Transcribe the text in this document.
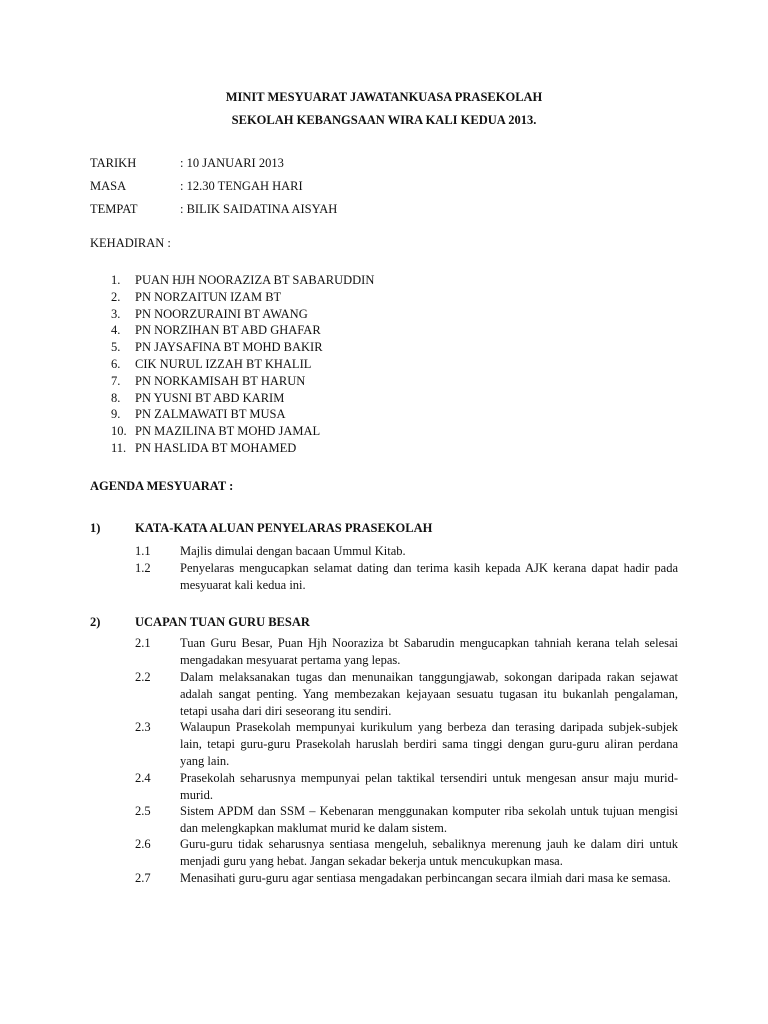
MINIT MESYUARAT JAWATANKUASA PRASEKOLAH
SEKOLAH KEBANGSAAN WIRA KALI KEDUA 2013.
TARIKH	: 10 JANUARI 2013
MASA	: 12.30 TENGAH HARI
TEMPAT	: BILIK SAIDATINA AISYAH
KEHADIRAN :
1.	PUAN HJH NOORAZIZA BT SABARUDDIN
2.	PN NORZAITUN IZAM BT
3.	PN NOORZURAINI BT AWANG
4.	PN NORZIHAN BT ABD GHAFAR
5.	PN JAYSAFINA BT MOHD BAKIR
6.	CIK NURUL IZZAH BT KHALIL
7.	PN NORKAMISAH BT HARUN
8.	PN YUSNI BT ABD KARIM
9.	PN ZALMAWATI BT MUSA
10. PN MAZILINA BT MOHD JAMAL
11. PN HASLIDA BT MOHAMED
AGENDA MESYUARAT :
1)	KATA-KATA ALUAN PENYELARAS PRASEKOLAH
1.1	Majlis dimulai dengan bacaan Ummul Kitab.
1.2	Penyelaras mengucapkan selamat dating dan terima kasih kepada AJK kerana dapat hadir pada mesyuarat kali kedua ini.
2)	UCAPAN TUAN GURU BESAR
2.1	Tuan Guru Besar, Puan Hjh Nooraziza bt Sabarudin mengucapkan tahniah kerana telah selesai mengadakan mesyuarat pertama yang lepas.
2.2	Dalam melaksanakan tugas dan menunaikan tanggungjawab, sokongan daripada rakan sejawat adalah sangat penting. Yang membezakan kejayaan sesuatu tugasan itu bukanlah pengalaman, tetapi usaha dari diri seseorang itu sendiri.
2.3	Walaupun Prasekolah mempunyai kurikulum yang berbeza dan terasing daripada subjek-subjek lain, tetapi guru-guru Prasekolah haruslah berdiri sama tinggi dengan guru-guru aliran perdana yang lain.
2.4	Prasekolah seharusnya mempunyai pelan taktikal tersendiri untuk mengesan ansur maju murid-murid.
2.5	Sistem APDM dan SSM – Kebenaran menggunakan komputer riba sekolah untuk tujuan mengisi dan melengkapkan maklumat murid ke dalam sistem.
2.6	Guru-guru tidak seharusnya sentiasa mengeluh, sebaliknya merenung jauh ke dalam diri untuk menjadi guru yang hebat. Jangan sekadar bekerja untuk mencukupkan masa.
2.7	Menasihati guru-guru agar sentiasa mengadakan perbincangan secara ilmiah dari masa ke semasa.
